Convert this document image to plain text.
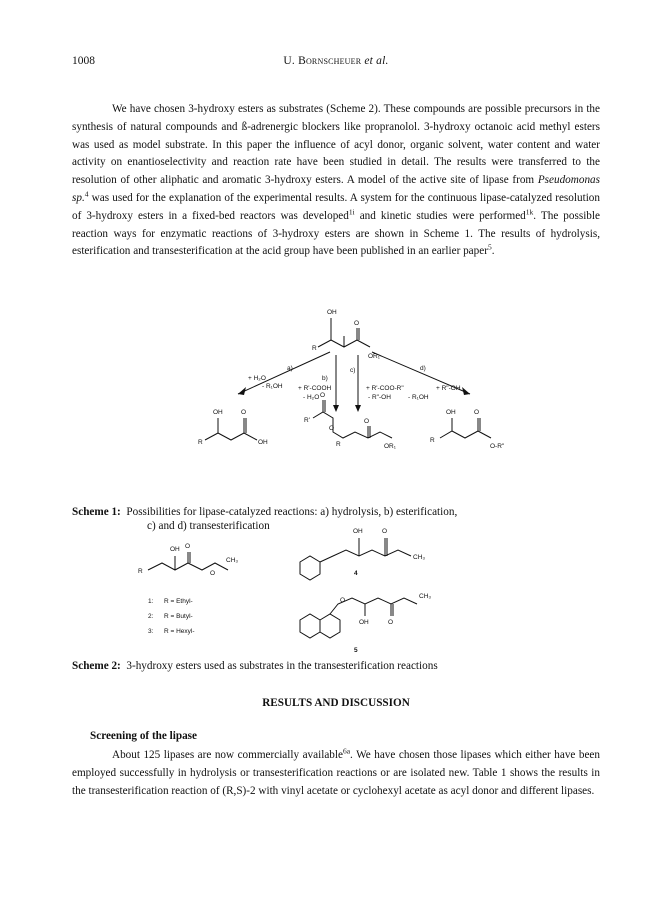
1008	U. Bornscheuer et al.

We have chosen 3-hydroxy esters as substrates (Scheme 2). These compounds are possible precursors in the synthesis of natural compounds and ß-adrenergic blockers like propranolol. 3-hydroxy octanoic acid methyl esters was used as model substrate. In this paper the influence of acyl donor, organic solvent, water content and water activity on enantioselectivity and reaction rate have been studied in detail. The results were transferred to the resolution of other aliphatic and aromatic 3-hydroxy esters. A model of the active site of lipase from Pseudomonas sp.$^4$ was used for the explanation of the experimental results. A system for the continuous lipase-catalyzed resolution of 3-hydroxy esters in a fixed-bed reactors was developed$^{1i}$ and kinetic studies were performed$^{1k}$. The possible reaction ways for enzymatic reactions of 3-hydroxy esters are shown in Scheme 1. The results of hydrolysis, esterification and transesterification at the acid group have been published in an earlier paper$^5$.

OH
O
R
OR₁
a)
b)
c)	d)
+ H₂O
- R₁OH + R'-COOH
- H₂O
+ R'-COO-R"
- R"-OH	- R₁OH
+ R"-OH
OH	O
R	OH
O
R'
O
O
R	OR₁
OH	O
R
O-R"
Scheme 1: Possibilities for lipase-catalyzed reactions: a) hydrolysis, b) esterification,
c) and d) transesterification
OH O
R	O
CH₃
OH	O
CH₃
4
O
OH	O
CH₃
5
1: R = Ethyl-
2: R = Butyl-
3: R = Hexyl-
Scheme 2: 3-hydroxy esters used as substrates in the transesterification reactions
RESULTS AND DISCUSSION
Screening of the lipase

About 125 lipases are now commercially available$^{6a}$. We have chosen those lipases which either have been employed successfully in hydrolysis or transesterification reactions or are isolated new. Table 1 shows the results in the transesterification reaction of (R,S)-2 with vinyl acetate or cyclohexyl acetate as acyl donor and different lipases.
